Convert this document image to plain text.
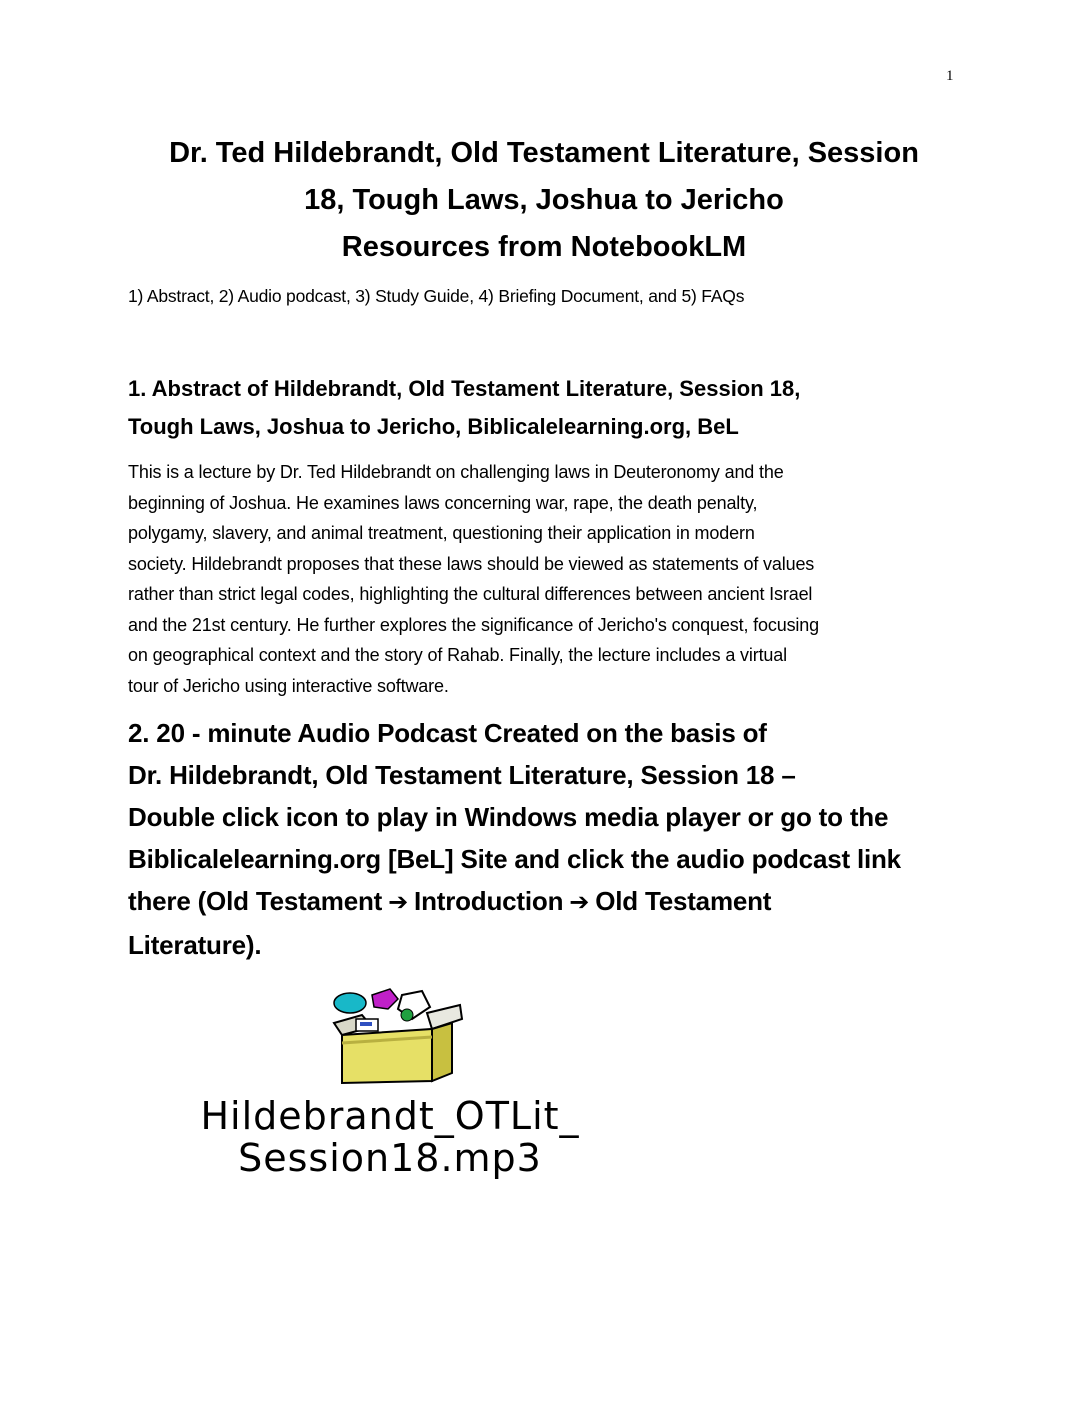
1
Dr. Ted Hildebrandt, Old Testament Literature, Session
18, Tough Laws, Joshua to Jericho
Resources from NotebookLM

1) Abstract, 2) Audio podcast, 3) Study Guide, 4) Briefing Document, and 5) FAQs

1. Abstract of Hildebrandt, Old Testament Literature, Session 18,
Tough Laws, Joshua to Jericho, Biblicalelearning.org, BeL

This is a lecture by Dr. Ted Hildebrandt on challenging laws in Deuteronomy and the
beginning of Joshua. He examines laws concerning war, rape, the death penalty,
polygamy, slavery, and animal treatment, questioning their application in modern
society. Hildebrandt proposes that these laws should be viewed as statements of values
rather than strict legal codes, highlighting the cultural differences between ancient Israel
and the 21st century. He further explores the significance of Jericho's conquest, focusing
on geographical context and the story of Rahab. Finally, the lecture includes a virtual
tour of Jericho using interactive software.

2. 20 - minute Audio Podcast Created on the basis of
Dr. Hildebrandt, Old Testament Literature, Session 18 –
Double click icon to play in Windows media player or go to the
Biblicalelearning.org [BeL] Site and click the audio podcast link
there (Old Testament ➔ Introduction ➔ Old Testament
Literature).

Hildebrandt_OTLit_
Session18.mp3
